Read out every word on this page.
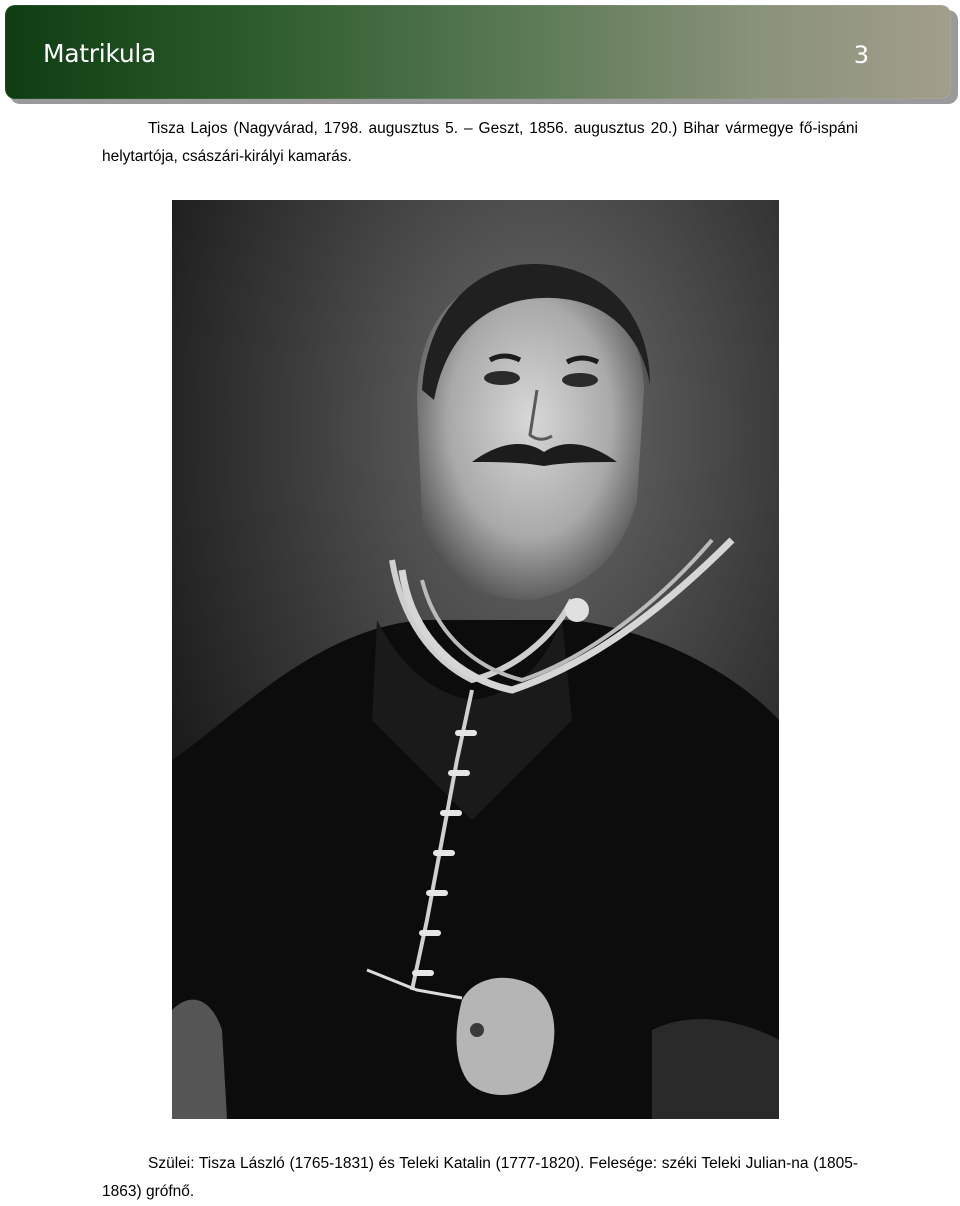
Matrikula	3
Tisza Lajos (Nagyvárad, 1798. augusztus 5. – Geszt, 1856. augusztus 20.) Bihar vármegye fő-ispáni helytartója, császári-királyi kamarás.
Szülei: Tisza László (1765-1831) és Teleki Katalin (1777-1820). Felesége: széki Teleki Julian-na (1805-1863) grófnő.
